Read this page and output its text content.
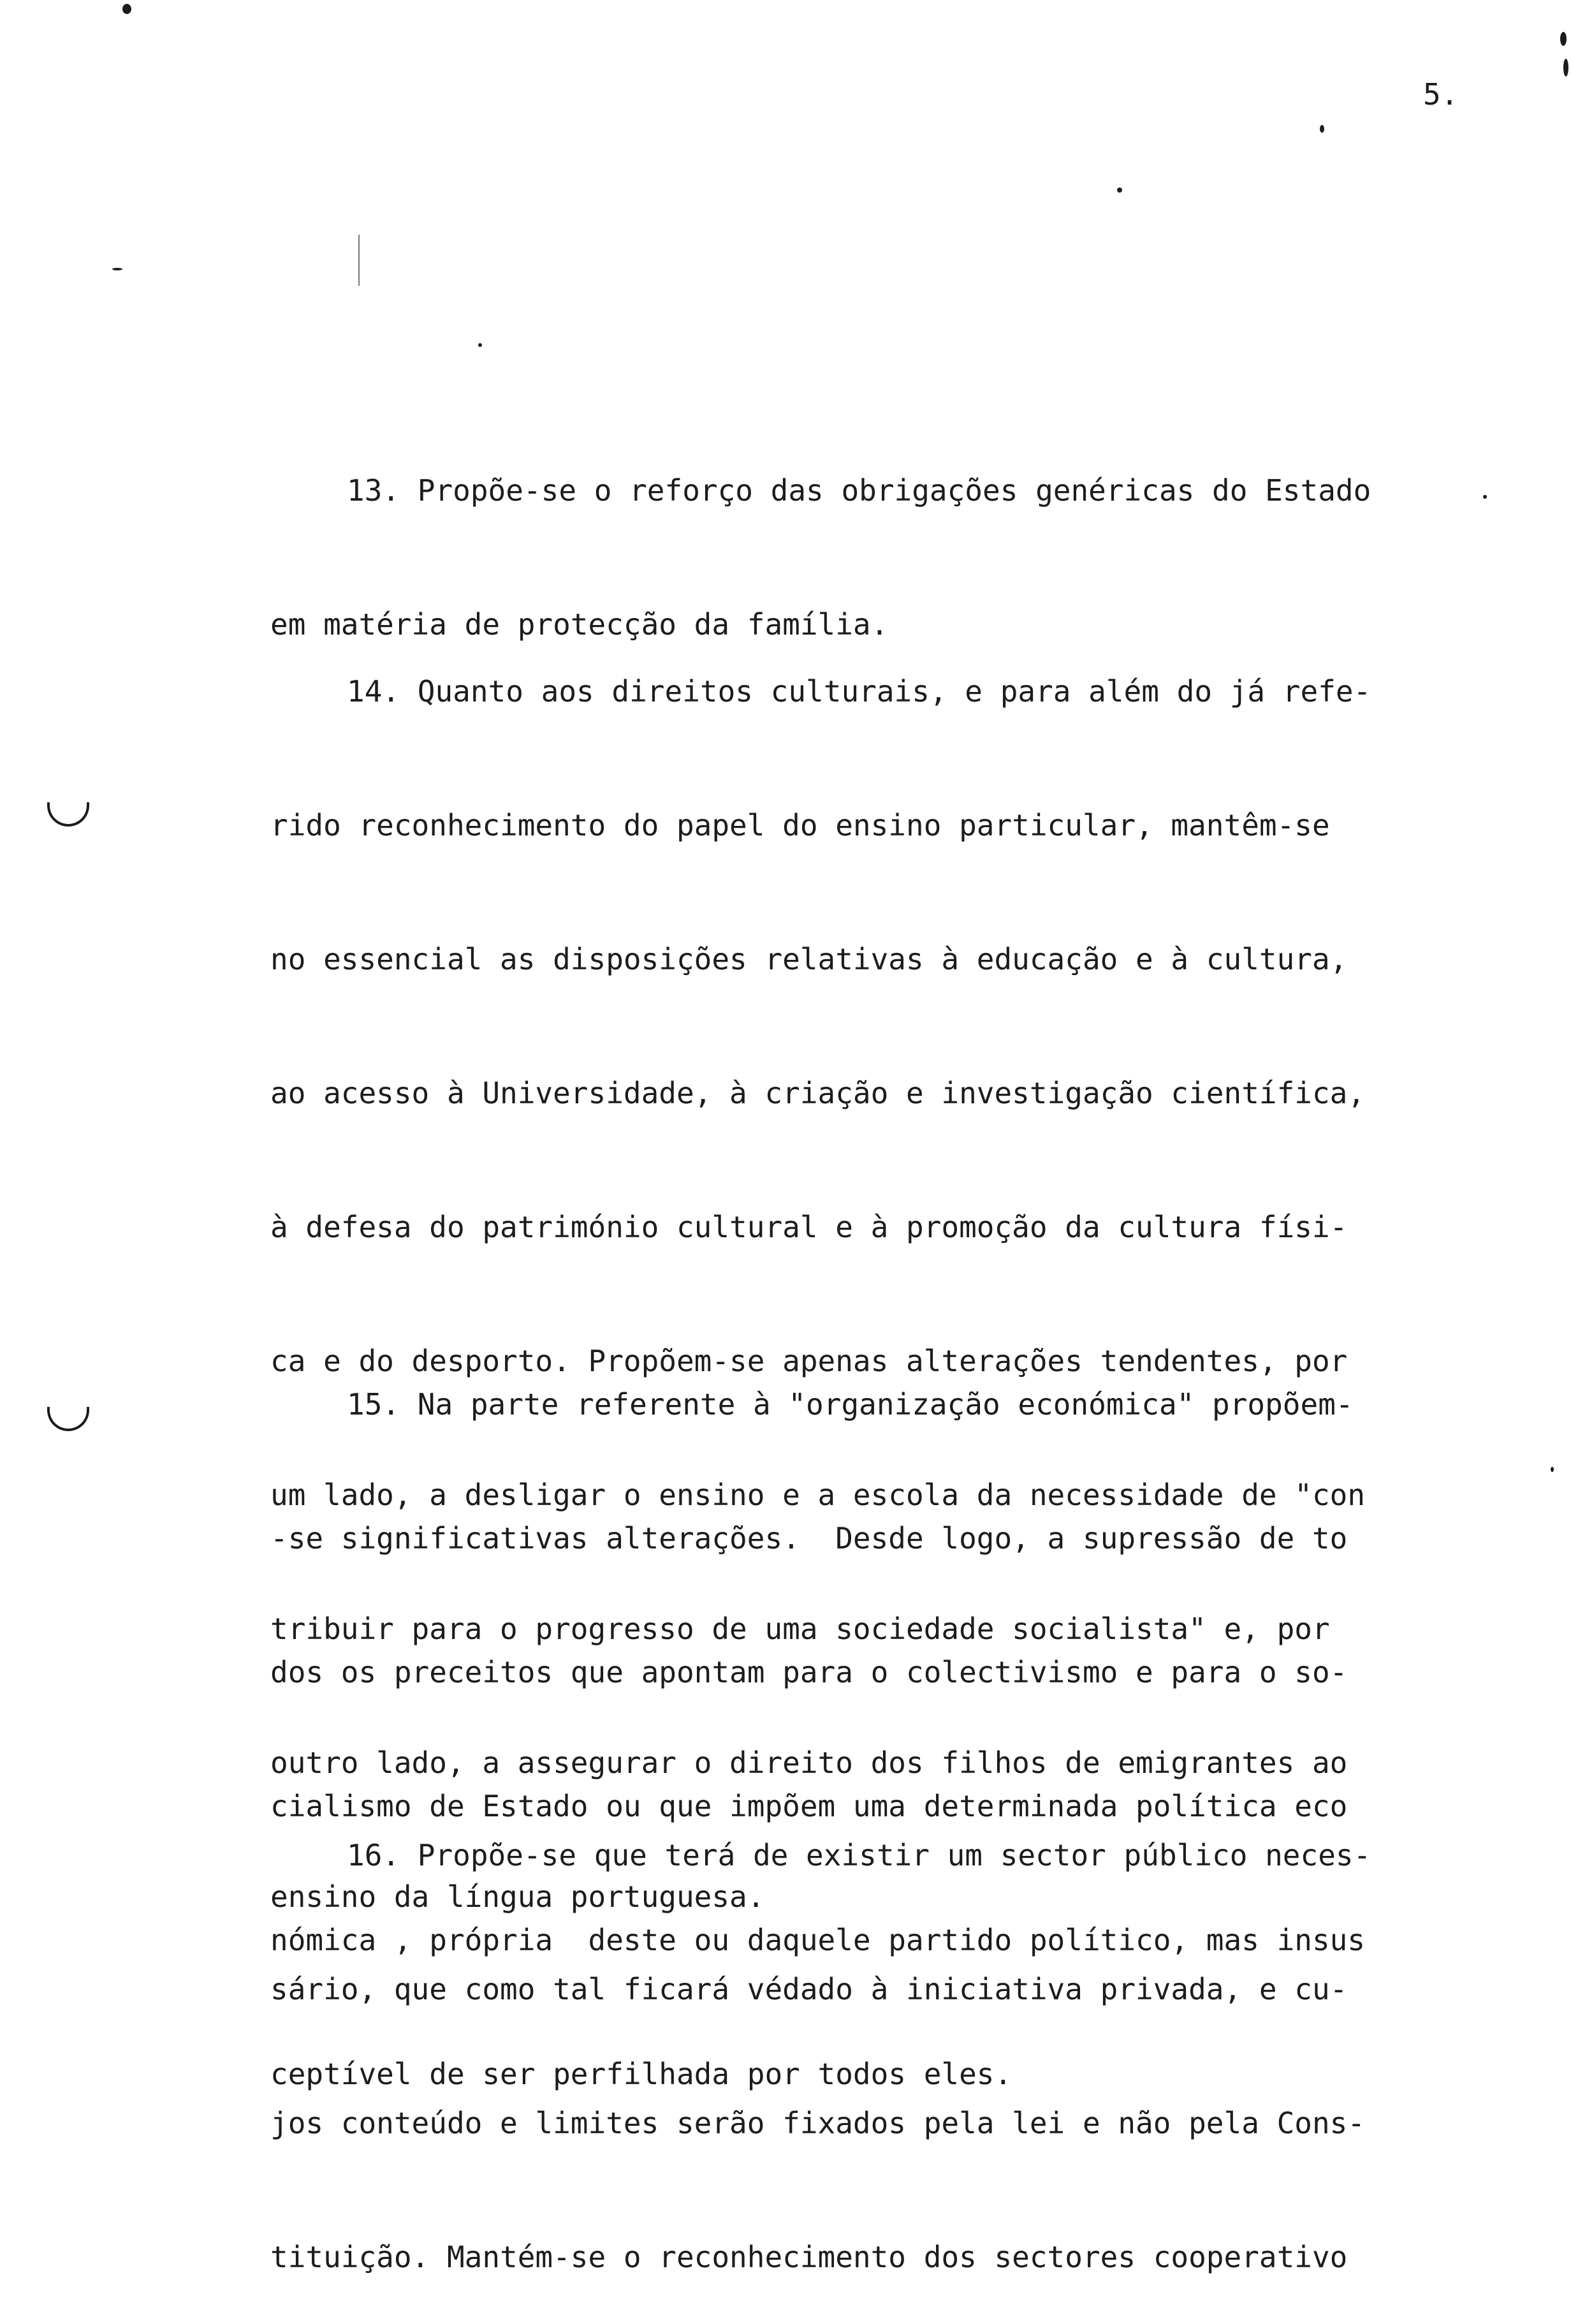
5.

13. Propõe-se o reforço das obrigações genéricas do Estado

em matéria de protecção da família.

14. Quanto aos direitos culturais, e para além do já refe-

rido reconhecimento do papel do ensino particular, mantêm-se

no essencial as disposições relativas à educação e à cultura,

ao acesso à Universidade, à criação e investigação científica,

à defesa do património cultural e à promoção da cultura físi-

ca e do desporto. Propõem-se apenas alterações tendentes, por

um lado, a desligar o ensino e a escola da necessidade de "con

tribuir para o progresso de uma sociedade socialista" e, por

outro lado, a assegurar o direito dos filhos de emigrantes ao

ensino da língua portuguesa.

15. Na parte referente à "organização económica" propõem-

-se significativas alterações.  Desde logo, a supressão de to

dos os preceitos que apontam para o colectivismo e para o so-

cialismo de Estado ou que impõem uma determinada política eco

nómica , própria  deste ou daquele partido político, mas insus

ceptível de ser perfilhada por todos eles.

16. Propõe-se que terá de existir um sector público neces-

sário, que como tal ficará védado à iniciativa privada, e cu-

jos conteúdo e limites serão fixados pela lei e não pela Cons-

tituição. Mantém-se o reconhecimento dos sectores cooperativo
